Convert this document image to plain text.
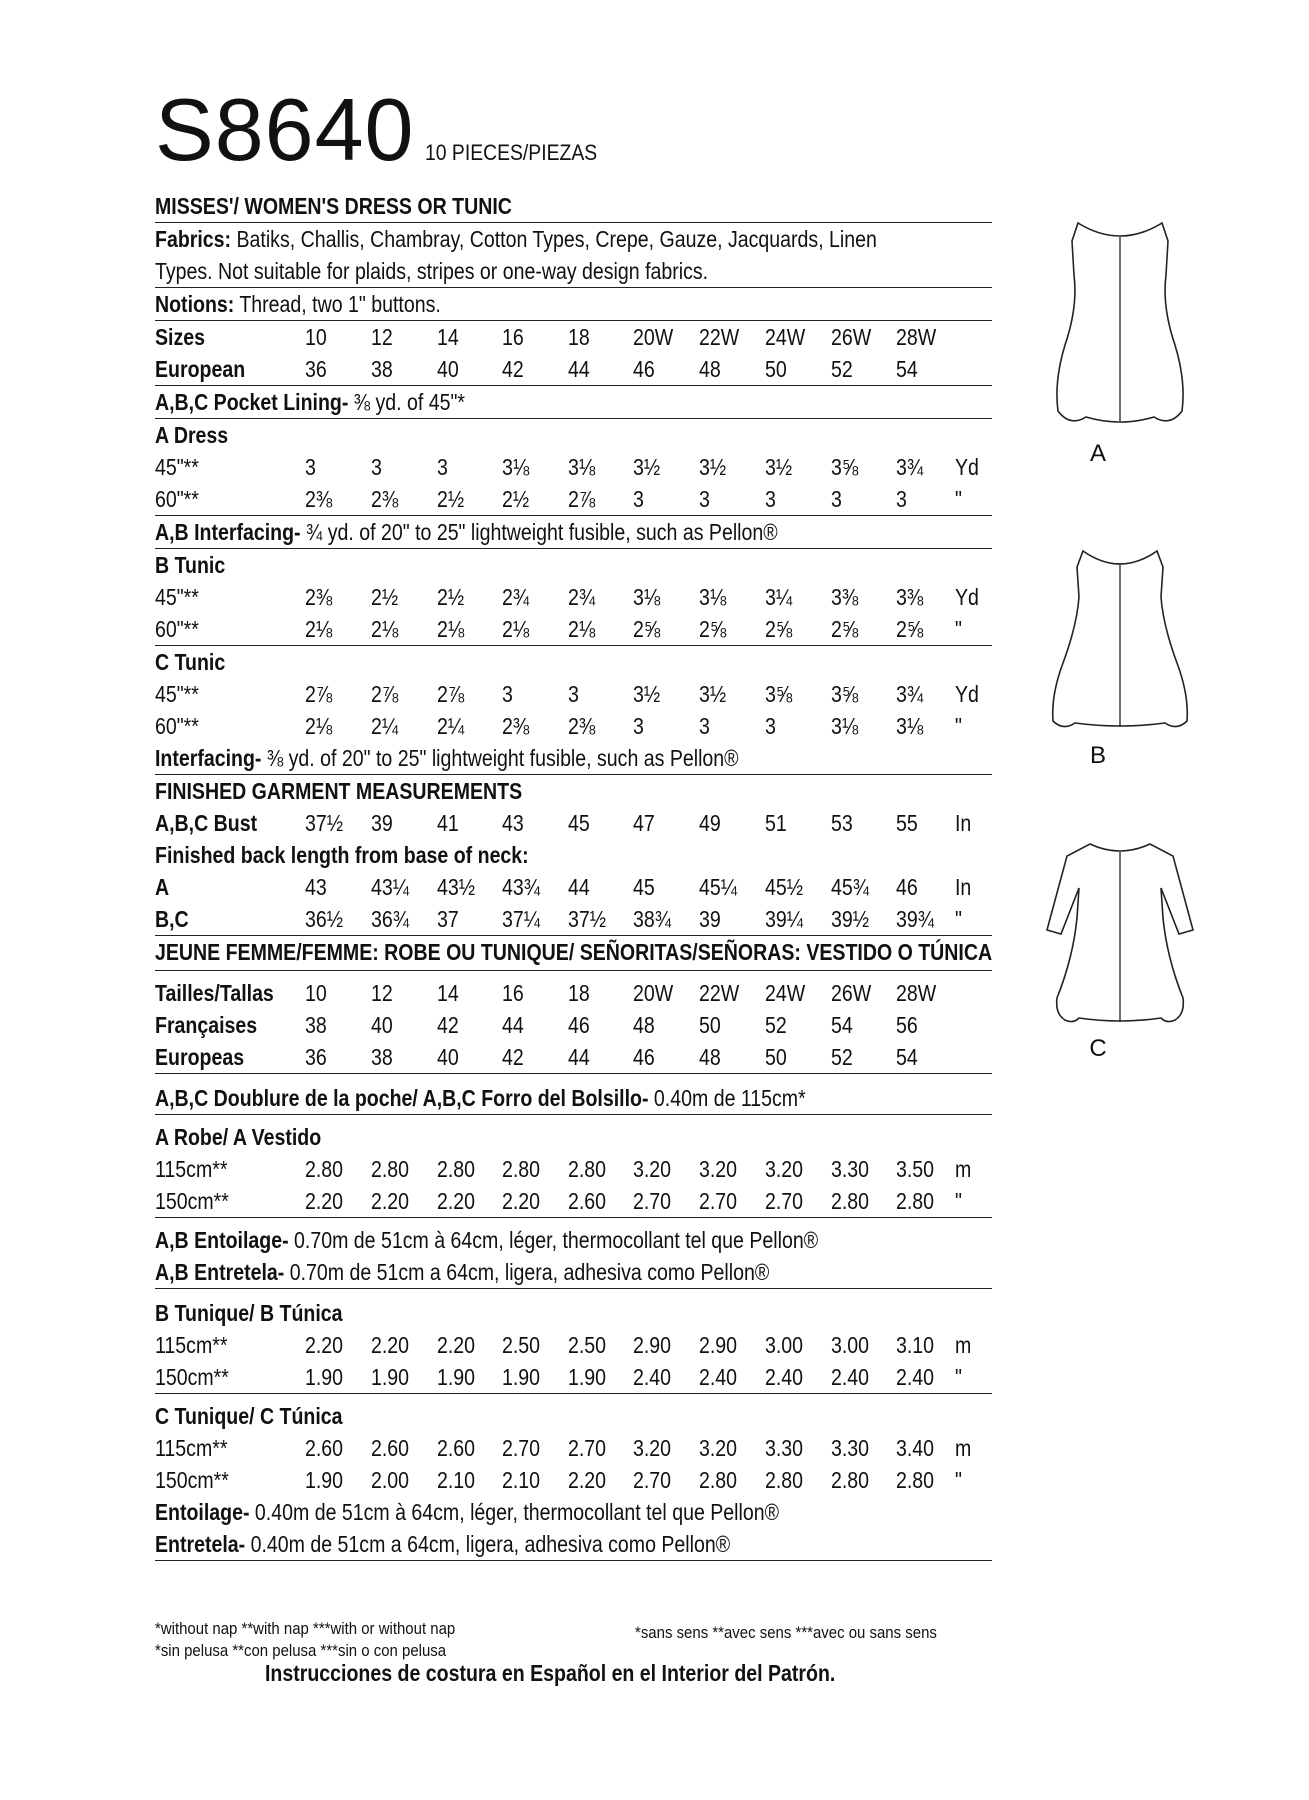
S8640 10 PIECES/PIEZAS
MISSES'/ WOMEN'S DRESS OR TUNIC
Fabrics: Batiks, Challis, Chambray, Cotton Types, Crepe, Gauze, Jacquards, Linen
Types. Not suitable for plaids, stripes or one-way design fabrics.
Notions: Thread, two 1" buttons.
Sizes	10 12 14 16 18 20W 22W 24W 26W 28W
European	36 38 40 42 44 46 48 50 52 54
A,B,C Pocket Lining- ⅜ yd. of 45"*
A Dress
45"**	3 3 3 3⅛ 3⅛ 3½ 3½ 3½ 3⅝ 3¾ Yd
60"**	2⅜ 2⅜ 2½ 2½ 2⅞ 3 3 3 3 3 "
A,B Interfacing- ¾ yd. of 20" to 25" lightweight fusible, such as Pellon®
B Tunic
45"**	2⅜ 2½ 2½ 2¾ 2¾ 3⅛ 3⅛ 3¼ 3⅜ 3⅜ Yd
60"**	2⅛ 2⅛ 2⅛ 2⅛ 2⅛ 2⅝ 2⅝ 2⅝ 2⅝ 2⅝ "
C Tunic
45"**	2⅞ 2⅞ 2⅞ 3 3 3½ 3½ 3⅝ 3⅝ 3¾ Yd
60"**	2⅛ 2¼ 2¼ 2⅜ 2⅜ 3 3 3 3⅛ 3⅛ "
Interfacing- ⅜ yd. of 20" to 25" lightweight fusible, such as Pellon®
FINISHED GARMENT MEASUREMENTS
A,B,C Bust 37½ 39 41 43 45 47 49 51 53 55 In
Finished back length from base of neck:
A	43 43¼ 43½ 43¾ 44 45 45¼ 45½ 45¾ 46 In
B,C	36½ 36¾ 37 37¼ 37½ 38¾ 39 39¼ 39½ 39¾ "
JEUNE FEMME/FEMME: ROBE OU TUNIQUE/ SEÑORITAS/SEÑORAS: VESTIDO O TÚNICA
Tailles/Tallas 10 12 14 16 18 20W 22W 24W 26W 28W
Françaises 38 40 42 44 46 48 50 52 54 56
Europeas	36 38 40 42 44 46 48 50 52 54
A,B,C Doublure de la poche/ A,B,C Forro del Bolsillo- 0.40m de 115cm*
A Robe/ A Vestido
115cm**	2.80 2.80 2.80 2.80 2.80 3.20 3.20 3.20 3.30 3.50 m
150cm**	2.20 2.20 2.20 2.20 2.60 2.70 2.70 2.70 2.80 2.80 "
A,B Entoilage- 0.70m de 51cm à 64cm, léger, thermocollant tel que Pellon®
A,B Entretela- 0.70m de 51cm a 64cm, ligera, adhesiva como Pellon®
B Tunique/ B Túnica
115cm**	2.20 2.20 2.20 2.50 2.50 2.90 2.90 3.00 3.00 3.10 m
150cm**	1.90 1.90 1.90 1.90 1.90 2.40 2.40 2.40 2.40 2.40 "
C Tunique/ C Túnica
115cm**	2.60 2.60 2.60 2.70 2.70 3.20 3.20 3.30 3.30 3.40 m
150cm**	1.90 2.00 2.10 2.10 2.20 2.70 2.80 2.80 2.80 2.80 "
Entoilage- 0.40m de 51cm à 64cm, léger, thermocollant tel que Pellon®
Entretela- 0.40m de 51cm a 64cm, ligera, adhesiva como Pellon®
*without nap **with nap ***with or without nap
*sin pelusa **con pelusa ***sin o con pelusa
*sans sens **avec sens ***avec ou sans sens
Instrucciones de costura en Español en el Interior del Patrón.
A
B
C
